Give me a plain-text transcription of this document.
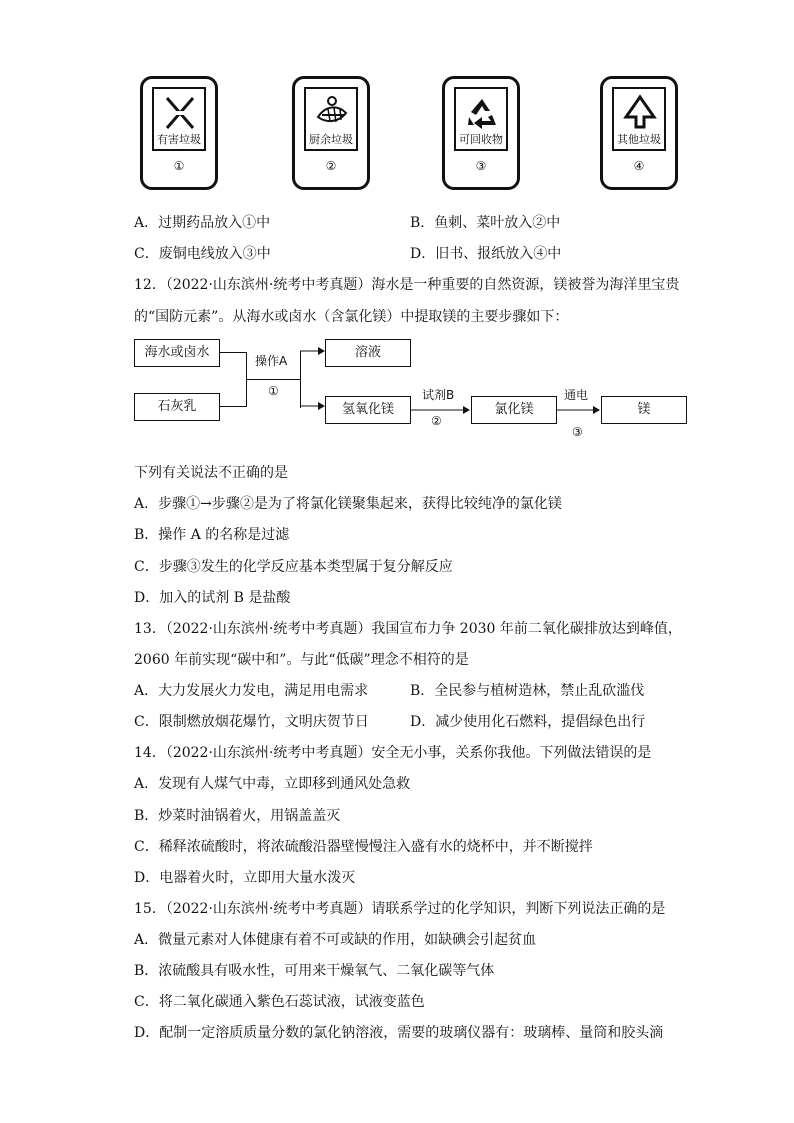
有害垃圾
①
厨余垃圾
②
可回收物
③
其他垃圾
④
A．过期药品放入①中	B．鱼刺、菜叶放入②中
C．废铜电线放入③中	D．旧书、报纸放入④中
12．（2022·山东滨州·统考中考真题）海水是一种重要的自然资源，镁被誉为海洋里宝贵
的“国防元素”。从海水或卤水（含氯化镁）中提取镁的主要步骤如下：
海水或卤水
石灰乳
操作A
①
溶液
氢氧化镁
试剂B
②
氯化镁
通电
③
镁
下列有关说法不正确的是
A．步骤①→步骤②是为了将氯化镁聚集起来，获得比较纯净的氯化镁
B．操作 A 的名称是过滤
C．步骤③发生的化学反应基本类型属于复分解反应
D．加入的试剂 B 是盐酸
13．（2022·山东滨州·统考中考真题）我国宣布力争 2030 年前二氧化碳排放达到峰值，
2060 年前实现“碳中和”。与此“低碳”理念不相符的是
A．大力发展火力发电，满足用电需求	B．全民参与植树造林，禁止乱砍滥伐
C．限制燃放烟花爆竹，文明庆贺节日	D．减少使用化石燃料，提倡绿色出行
14．（2022·山东滨州·统考中考真题）安全无小事，关系你我他。下列做法错误的是
A．发现有人煤气中毒，立即移到通风处急救
B．炒菜时油锅着火，用锅盖盖灭
C．稀释浓硫酸时，将浓硫酸沿器壁慢慢注入盛有水的烧杯中，并不断搅拌
D．电器着火时，立即用大量水泼灭
15．（2022·山东滨州·统考中考真题）请联系学过的化学知识，判断下列说法正确的是
A．微量元素对人体健康有着不可或缺的作用，如缺碘会引起贫血
B．浓硫酸具有吸水性，可用来干燥氧气、二氧化碳等气体
C．将二氧化碳通入紫色石蕊试液，试液变蓝色
D．配制一定溶质质量分数的氯化钠溶液，需要的玻璃仪器有：玻璃棒、量筒和胶头滴
